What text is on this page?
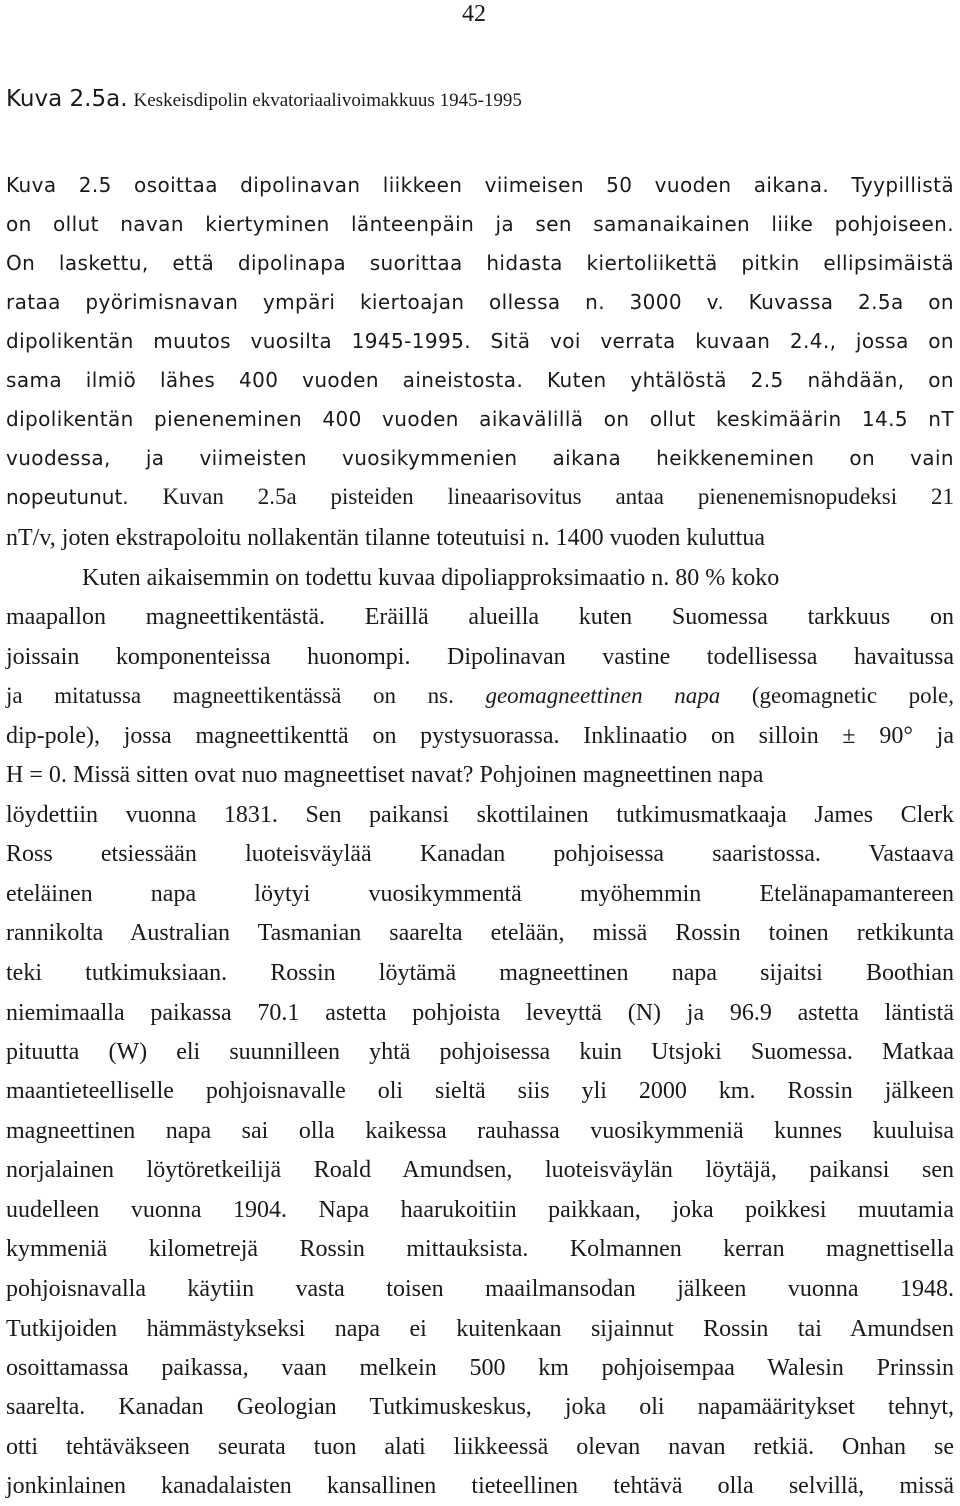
42
Kuva 2.5a. Keskeisdipolin ekvatoriaalivoimakkuus 1945-1995
Kuva 2.5 osoittaa dipolinavan liikkeen viimeisen 50 vuoden aikana. Tyypillistä
on ollut navan kiertyminen länteenpäin ja sen samanaikainen liike pohjoiseen.
On laskettu, että dipolinapa suorittaa hidasta kiertoliikettä pitkin ellipsimäistä
rataa pyörimisnavan ympäri kiertoajan ollessa n. 3000 v. Kuvassa 2.5a on
dipolikentän muutos vuosilta 1945-1995. Sitä voi verrata kuvaan 2.4., jossa on
sama ilmiö lähes 400 vuoden aineistosta. Kuten yhtälöstä 2.5 nähdään, on
dipolikentän pieneneminen 400 vuoden aikavälillä on ollut keskimäärin 14.5 nT
vuodessa, ja viimeisten vuosikymmenien aikana heikkeneminen on vain
nopeutunut. Kuvan 2.5a pisteiden lineaarisovitus antaa pienenemisnopudeksi 21
nT/v, joten ekstrapoloitu nollakentän tilanne toteutuisi n. 1400 vuoden kuluttua
Kuten aikaisemmin on todettu kuvaa dipoliapproksimaatio n. 80 % koko
maapallon magneettikentästä. Eräillä alueilla kuten Suomessa tarkkuus on
joissain komponenteissa huonompi. Dipolinavan vastine todellisessa havaitussa
ja mitatussa magneettikentässä on ns. geomagneettinen napa (geomagnetic pole,
dip-pole), jossa magneettikenttä on pystysuorassa. Inklinaatio on silloin ± 90° ja
H = 0. Missä sitten ovat nuo magneettiset navat? Pohjoinen magneettinen napa
löydettiin vuonna 1831. Sen paikansi skottilainen tutkimusmatkaaja James Clerk
Ross etsiessään luoteisväylää Kanadan pohjoisessa saaristossa. Vastaava
eteläinen napa löytyi vuosikymmentä myöhemmin Etelänapamantereen
rannikolta Australian Tasmanian saarelta etelään, missä Rossin toinen retkikunta
teki tutkimuksiaan. Rossin löytämä magneettinen napa sijaitsi Boothian
niemimaalla paikassa 70.1 astetta pohjoista leveyttä (N) ja 96.9 astetta läntistä
pituutta (W) eli suunnilleen yhtä pohjoisessa kuin Utsjoki Suomessa. Matkaa
maantieteelliselle pohjoisnavalle oli sieltä siis yli 2000 km. Rossin jälkeen
magneettinen napa sai olla kaikessa rauhassa vuosikymmeniä kunnes kuuluisa
norjalainen löytöretkeilijä Roald Amundsen, luoteisväylän löytäjä, paikansi sen
uudelleen vuonna 1904. Napa haarukoitiin paikkaan, joka poikkesi muutamia
kymmeniä kilometrejä Rossin mittauksista. Kolmannen kerran magnettisella
pohjoisnavalla käytiin vasta toisen maailmansodan jälkeen vuonna 1948.
Tutkijoiden hämmästykseksi napa ei kuitenkaan sijainnut Rossin tai Amundsen
osoittamassa paikassa, vaan melkein 500 km pohjoisempaa Walesin Prinssin
saarelta. Kanadan Geologian Tutkimuskeskus, joka oli napamääritykset tehnyt,
otti tehtäväkseen seurata tuon alati liikkeessä olevan navan retkiä. Onhan se
jonkinlainen kanadalaisten kansallinen tieteellinen tehtävä olla selvillä, missä
